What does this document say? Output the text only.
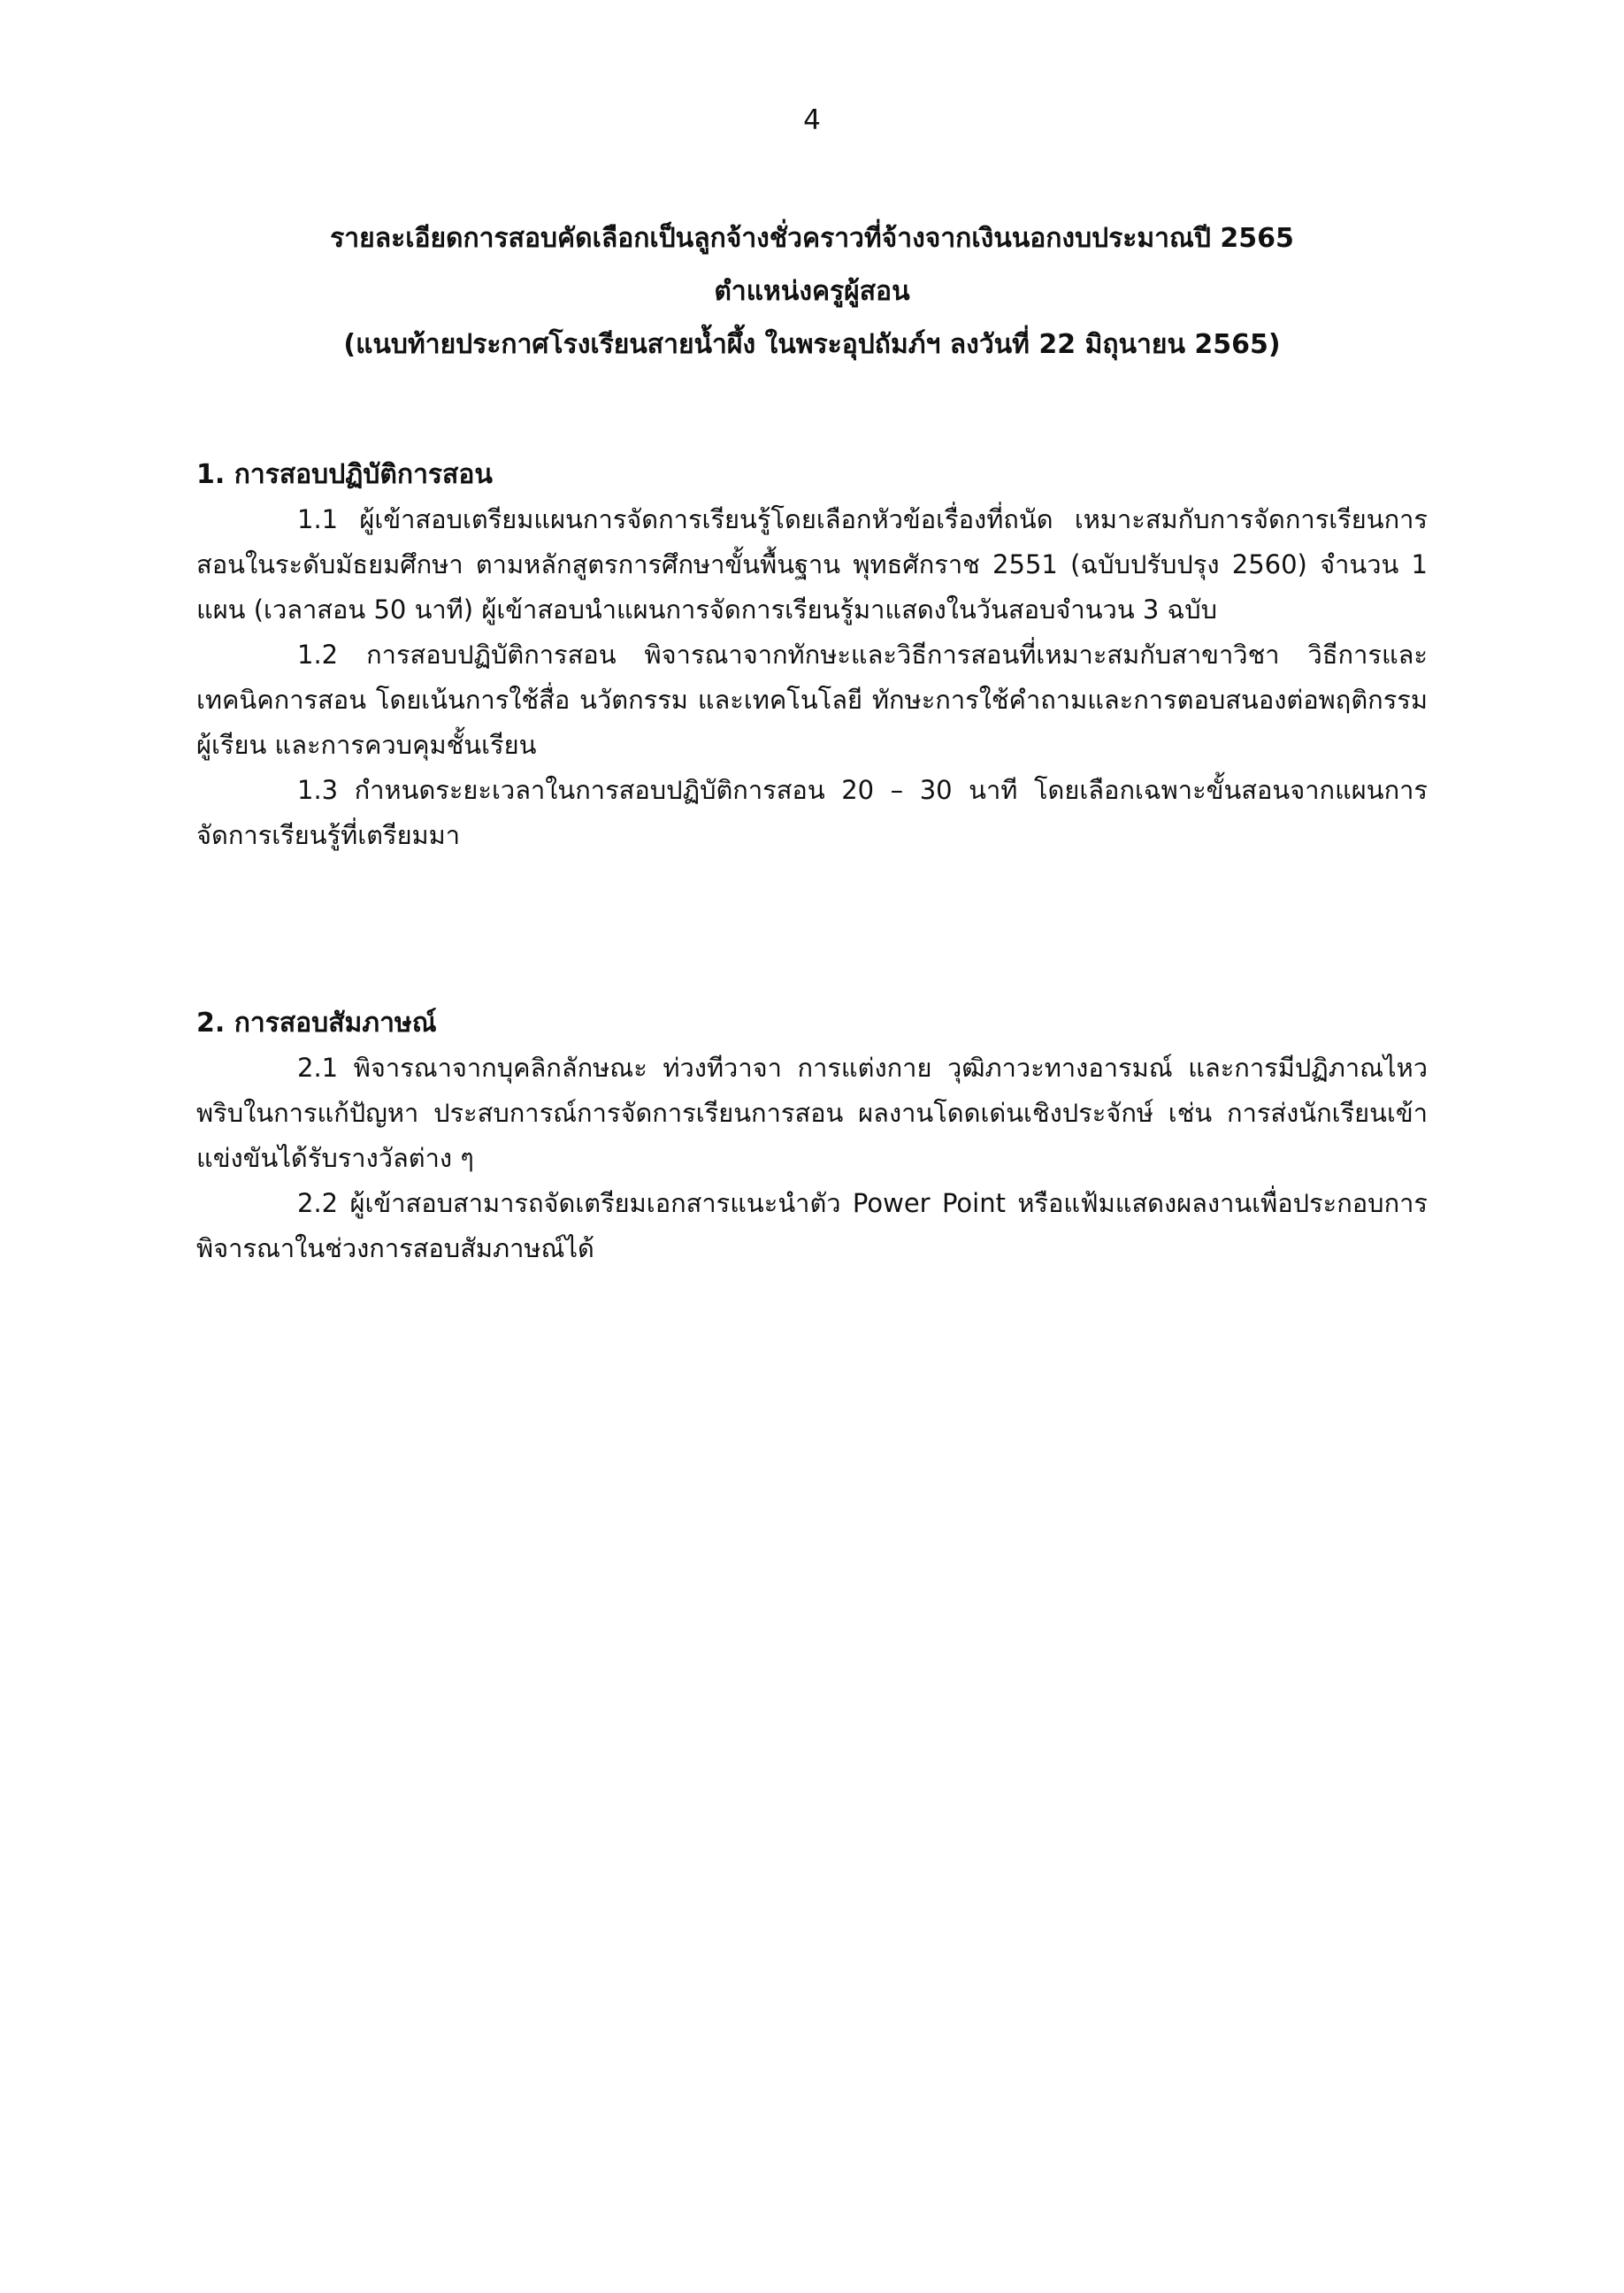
4
รายละเอียดการสอบคัดเลือกเป็นลูกจ้างชั่วคราวที่จ้างจากเงินนอกงบประมาณปี 2565
ตำแหน่งครูผู้สอน
(แนบท้ายประกาศโรงเรียนสายน้ำผึ้ง ในพระอุปถัมภ์ฯ ลงวันที่ 22 มิถุนายน 2565)

1. การสอบปฏิบัติการสอน

1.1 ผู้เข้าสอบเตรียมแผนการจัดการเรียนรู้โดยเลือกหัวข้อเรื่องที่ถนัด เหมาะสมกับการจัดการเรียนการสอนในระดับมัธยมศึกษา ตามหลักสูตรการศึกษาขั้นพื้นฐาน พุทธศักราช 2551 (ฉบับปรับปรุง 2560) จำนวน 1 แผน (เวลาสอน 50 นาที) ผู้เข้าสอบนำแผนการจัดการเรียนรู้มาแสดงในวันสอบจำนวน 3 ฉบับ

1.2 การสอบปฏิบัติการสอน พิจารณาจากทักษะและวิธีการสอนที่เหมาะสมกับสาขาวิชา วิธีการและเทคนิคการสอน โดยเน้นการใช้สื่อ นวัตกรรม และเทคโนโลยี ทักษะการใช้คำถามและการตอบสนองต่อพฤติกรรมผู้เรียน และการควบคุมชั้นเรียน

1.3 กำหนดระยะเวลาในการสอบปฏิบัติการสอน 20 – 30 นาที โดยเลือกเฉพาะขั้นสอนจากแผนการจัดการเรียนรู้ที่เตรียมมา

2. การสอบสัมภาษณ์

2.1 พิจารณาจากบุคลิกลักษณะ ท่วงทีวาจา การแต่งกาย วุฒิภาวะทางอารมณ์ และการมีปฏิภาณไหวพริบในการแก้ปัญหา ประสบการณ์การจัดการเรียนการสอน ผลงานโดดเด่นเชิงประจักษ์ เช่น การส่งนักเรียนเข้าแข่งขันได้รับรางวัลต่าง ๆ

2.2 ผู้เข้าสอบสามารถจัดเตรียมเอกสารแนะนำตัว Power Point หรือแฟ้มแสดงผลงานเพื่อประกอบการพิจารณาในช่วงการสอบสัมภาษณ์ได้
